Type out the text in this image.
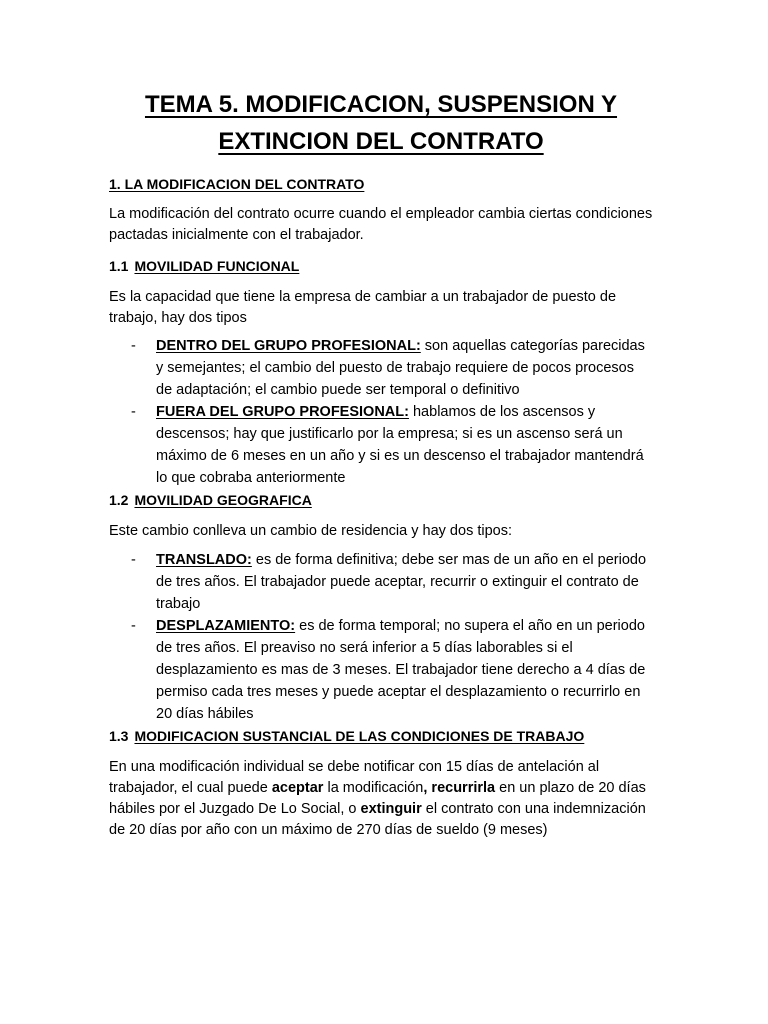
TEMA 5. MODIFICACION, SUSPENSION Y
EXTINCION DEL CONTRATO

1. LA MODIFICACION DEL CONTRATO

La modificación del contrato ocurre cuando el empleador cambia ciertas condiciones pactadas inicialmente con el trabajador.

1.1 MOVILIDAD FUNCIONAL

Es la capacidad que tiene la empresa de cambiar a un trabajador de puesto de trabajo, hay dos tipos

- DENTRO DEL GRUPO PROFESIONAL: son aquellas categorías parecidas y semejantes; el cambio del puesto de trabajo requiere de pocos procesos de adaptación; el cambio puede ser temporal o definitivo
- FUERA DEL GRUPO PROFESIONAL: hablamos de los ascensos y descensos; hay que justificarlo por la empresa; si es un ascenso será un máximo de 6 meses en un año y si es un descenso el trabajador mantendrá lo que cobraba anteriormente

1.2 MOVILIDAD GEOGRAFICA

Este cambio conlleva un cambio de residencia y hay dos tipos:

- TRANSLADO: es de forma definitiva; debe ser mas de un año en el periodo de tres años. El trabajador puede aceptar, recurrir o extinguir el contrato de trabajo
- DESPLAZAMIENTO: es de forma temporal; no supera el año en un periodo de tres años. El preaviso no será inferior a 5 días laborables si el desplazamiento es mas de 3 meses. El trabajador tiene derecho a 4 días de permiso cada tres meses y puede aceptar el desplazamiento o recurrirlo en 20 días hábiles

1.3 MODIFICACION SUSTANCIAL DE LAS CONDICIONES DE TRABAJO

En una modificación individual se debe notificar con 15 días de antelación al trabajador, el cual puede aceptar la modificación, recurrirla en un plazo de 20 días hábiles por el Juzgado De Lo Social, o extinguir el contrato con una indemnización de 20 días por año con un máximo de 270 días de sueldo (9 meses)
